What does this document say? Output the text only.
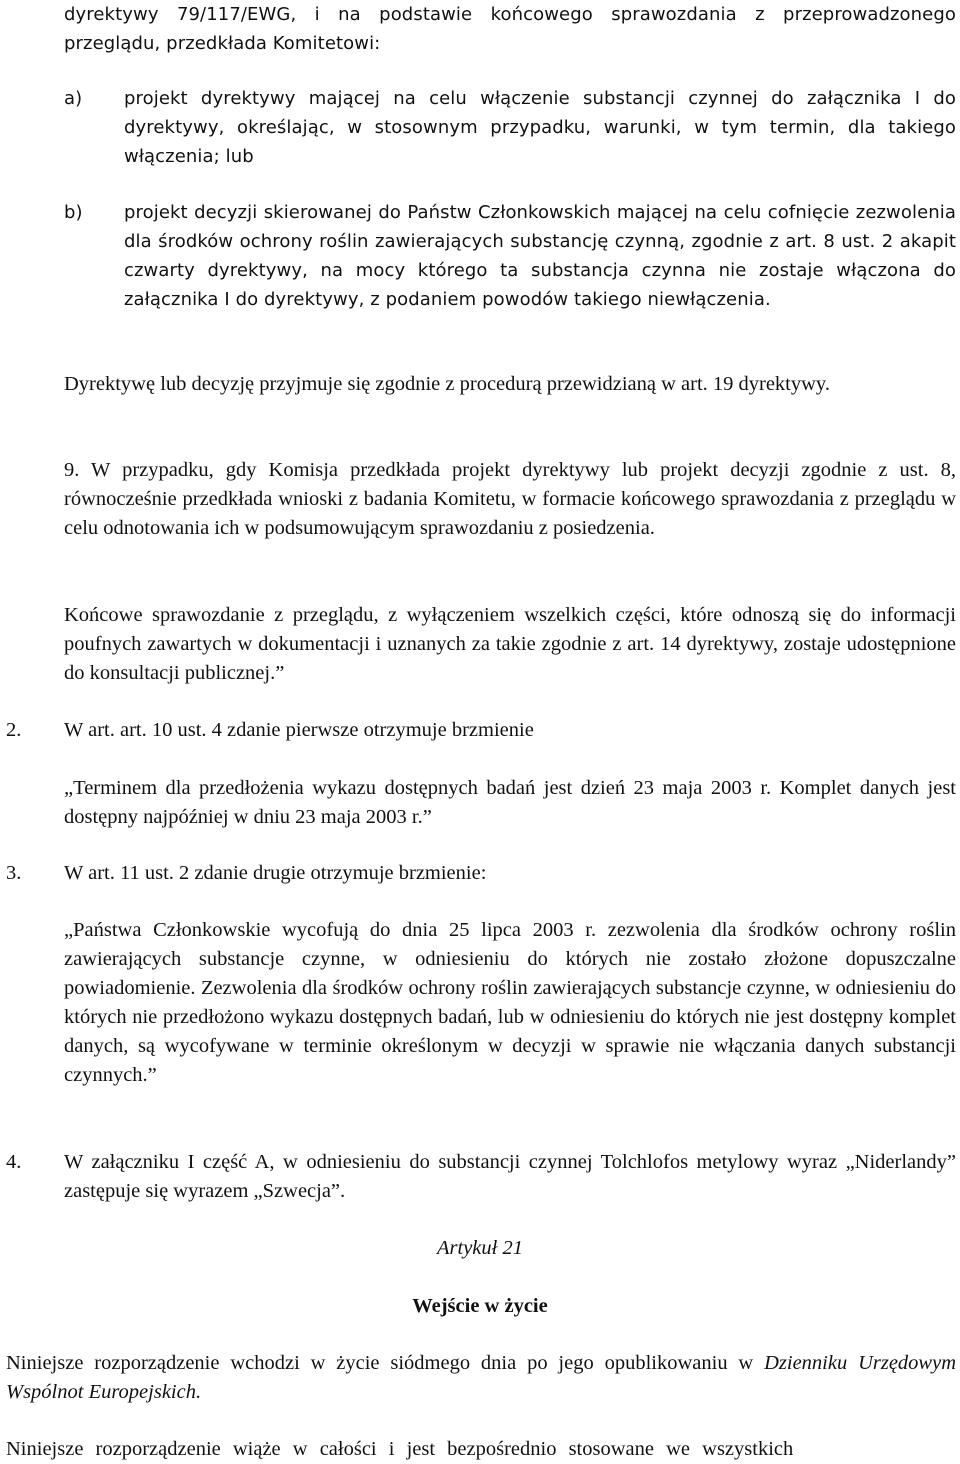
dyrektywy 79/117/EWG, i na podstawie końcowego sprawozdania z przeprowadzonego przeglądu, przedkłada Komitetowi:
a) projekt dyrektywy mającej na celu włączenie substancji czynnej do załącznika I do dyrektywy, określając, w stosownym przypadku, warunki, w tym termin, dla takiego włączenia; lub
b) projekt decyzji skierowanej do Państw Członkowskich mającej na celu cofnięcie zezwolenia dla środków ochrony roślin zawierających substancję czynną, zgodnie z art. 8 ust. 2 akapit czwarty dyrektywy, na mocy którego ta substancja czynna nie zostaje włączona do załącznika I do dyrektywy, z podaniem powodów takiego niewłączenia.
Dyrektywę lub decyzję przyjmuje się zgodnie z procedurą przewidzianą w art. 19 dyrektywy.
9. W przypadku, gdy Komisja przedkłada projekt dyrektywy lub projekt decyzji zgodnie z ust. 8, równocześnie przedkłada wnioski z badania Komitetu, w formacie końcowego sprawozdania z przeglądu w celu odnotowania ich w podsumowującym sprawozdaniu z posiedzenia.
Końcowe sprawozdanie z przeglądu, z wyłączeniem wszelkich części, które odnoszą się do informacji poufnych zawartych w dokumentacji i uznanych za takie zgodnie z art. 14 dyrektywy, zostaje udostępnione do konsultacji publicznej.”
2. W art. art. 10 ust. 4 zdanie pierwsze otrzymuje brzmienie
„Terminem dla przedłożenia wykazu dostępnych badań jest dzień 23 maja 2003 r. Komplet danych jest dostępny najpóźniej w dniu 23 maja 2003 r.”
3. W art. 11 ust. 2 zdanie drugie otrzymuje brzmienie:
„Państwa Członkowskie wycofują do dnia 25 lipca 2003 r. zezwolenia dla środków ochrony roślin zawierających substancje czynne, w odniesieniu do których nie zostało złożone dopuszczalne powiadomienie. Zezwolenia dla środków ochrony roślin zawierających substancje czynne, w odniesieniu do których nie przedłożono wykazu dostępnych badań, lub w odniesieniu do których nie jest dostępny komplet danych, są wycofywane w terminie określonym w decyzji w sprawie nie włączania danych substancji czynnych.”
4. W załączniku I część A, w odniesieniu do substancji czynnej Tolchlofos metylowy wyraz „Niderlandy” zastępuje się wyrazem „Szwecja”.
Artykuł 21
Wejście w życie
Niniejsze rozporządzenie wchodzi w życie siódmego dnia po jego opublikowaniu w Dzienniku Urzędowym Wspólnot Europejskich.
Niniejsze rozporządzenie wiąże w całości i jest bezpośrednio stosowane we wszystkich
